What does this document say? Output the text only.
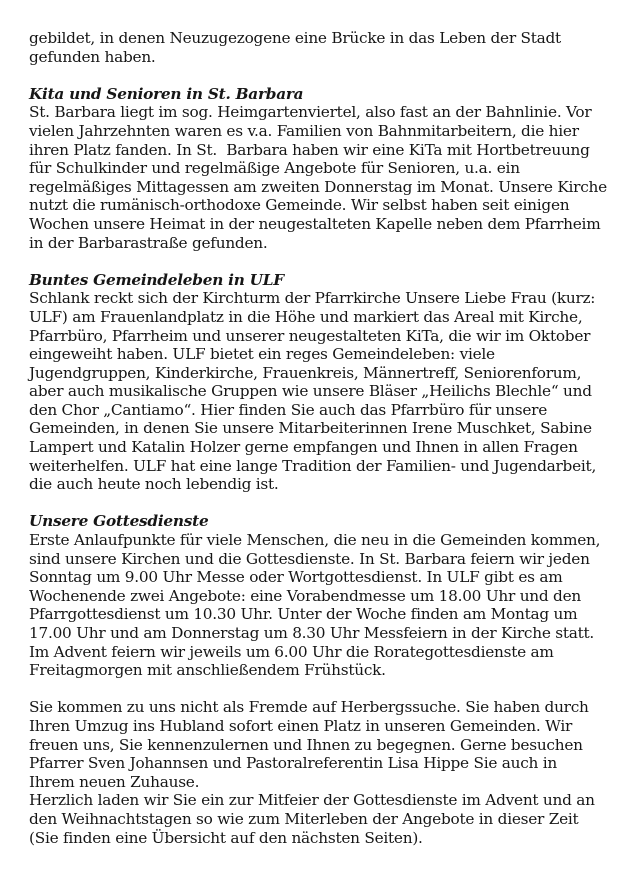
gebildet, in denen Neuzugezogene eine Brücke in das Leben der Stadt
gefunden haben.
Kita und Senioren in St. Barbara
St. Barbara liegt im sog. Heimgartenviertel, also fast an der Bahnlinie. Vor
vielen Jahrzehnten waren es v.a. Familien von Bahnmitarbeitern, die hier
ihren Platz fanden. In St.  Barbara haben wir eine KiTa mit Hortbetreuung
für Schulkinder und regelmäßige Angebote für Senioren, u.a. ein
regelmäßiges Mittagessen am zweiten Donnerstag im Monat. Unsere Kirche
nutzt die rumänisch-orthodoxe Gemeinde. Wir selbst haben seit einigen
Wochen unsere Heimat in der neugestalteten Kapelle neben dem Pfarrheim
in der Barbarastraße gefunden.
Buntes Gemeindeleben in ULF
Schlank reckt sich der Kirchturm der Pfarrkirche Unsere Liebe Frau (kurz:
ULF) am Frauenlandplatz in die Höhe und markiert das Areal mit Kirche,
Pfarrbüro, Pfarrheim und unserer neugestalteten KiTa, die wir im Oktober
eingeweiht haben. ULF bietet ein reges Gemeindeleben: viele
Jugendgruppen, Kinderkirche, Frauenkreis, Männertreff, Seniorenforum,
aber auch musikalische Gruppen wie unsere Bläser „Heilichs Blechle“ und
den Chor „Cantiamo“. Hier finden Sie auch das Pfarrbüro für unsere
Gemeinden, in denen Sie unsere Mitarbeiterinnen Irene Muschket, Sabine
Lampert und Katalin Holzer gerne empfangen und Ihnen in allen Fragen
weiterhelfen. ULF hat eine lange Tradition der Familien- und Jugendarbeit,
die auch heute noch lebendig ist.
Unsere Gottesdienste
Erste Anlaufpunkte für viele Menschen, die neu in die Gemeinden kommen,
sind unsere Kirchen und die Gottesdienste. In St. Barbara feiern wir jeden
Sonntag um 9.00 Uhr Messe oder Wortgottesdienst. In ULF gibt es am
Wochenende zwei Angebote: eine Vorabendmesse um 18.00 Uhr und den
Pfarrgottesdienst um 10.30 Uhr. Unter der Woche finden am Montag um
17.00 Uhr und am Donnerstag um 8.30 Uhr Messfeiern in der Kirche statt.
Im Advent feiern wir jeweils um 6.00 Uhr die Rorategottesdienste am
Freitagmorgen mit anschließendem Frühstück.
Sie kommen zu uns nicht als Fremde auf Herbergssuche. Sie haben durch
Ihren Umzug ins Hubland sofort einen Platz in unseren Gemeinden. Wir
freuen uns, Sie kennenzulernen und Ihnen zu begegnen. Gerne besuchen
Pfarrer Sven Johannsen und Pastoralreferentin Lisa Hippe Sie auch in
Ihrem neuen Zuhause.
Herzlich laden wir Sie ein zur Mitfeier der Gottesdienste im Advent und an
den Weihnachtstagen so wie zum Miterleben der Angebote in dieser Zeit
(Sie finden eine Übersicht auf den nächsten Seiten).
